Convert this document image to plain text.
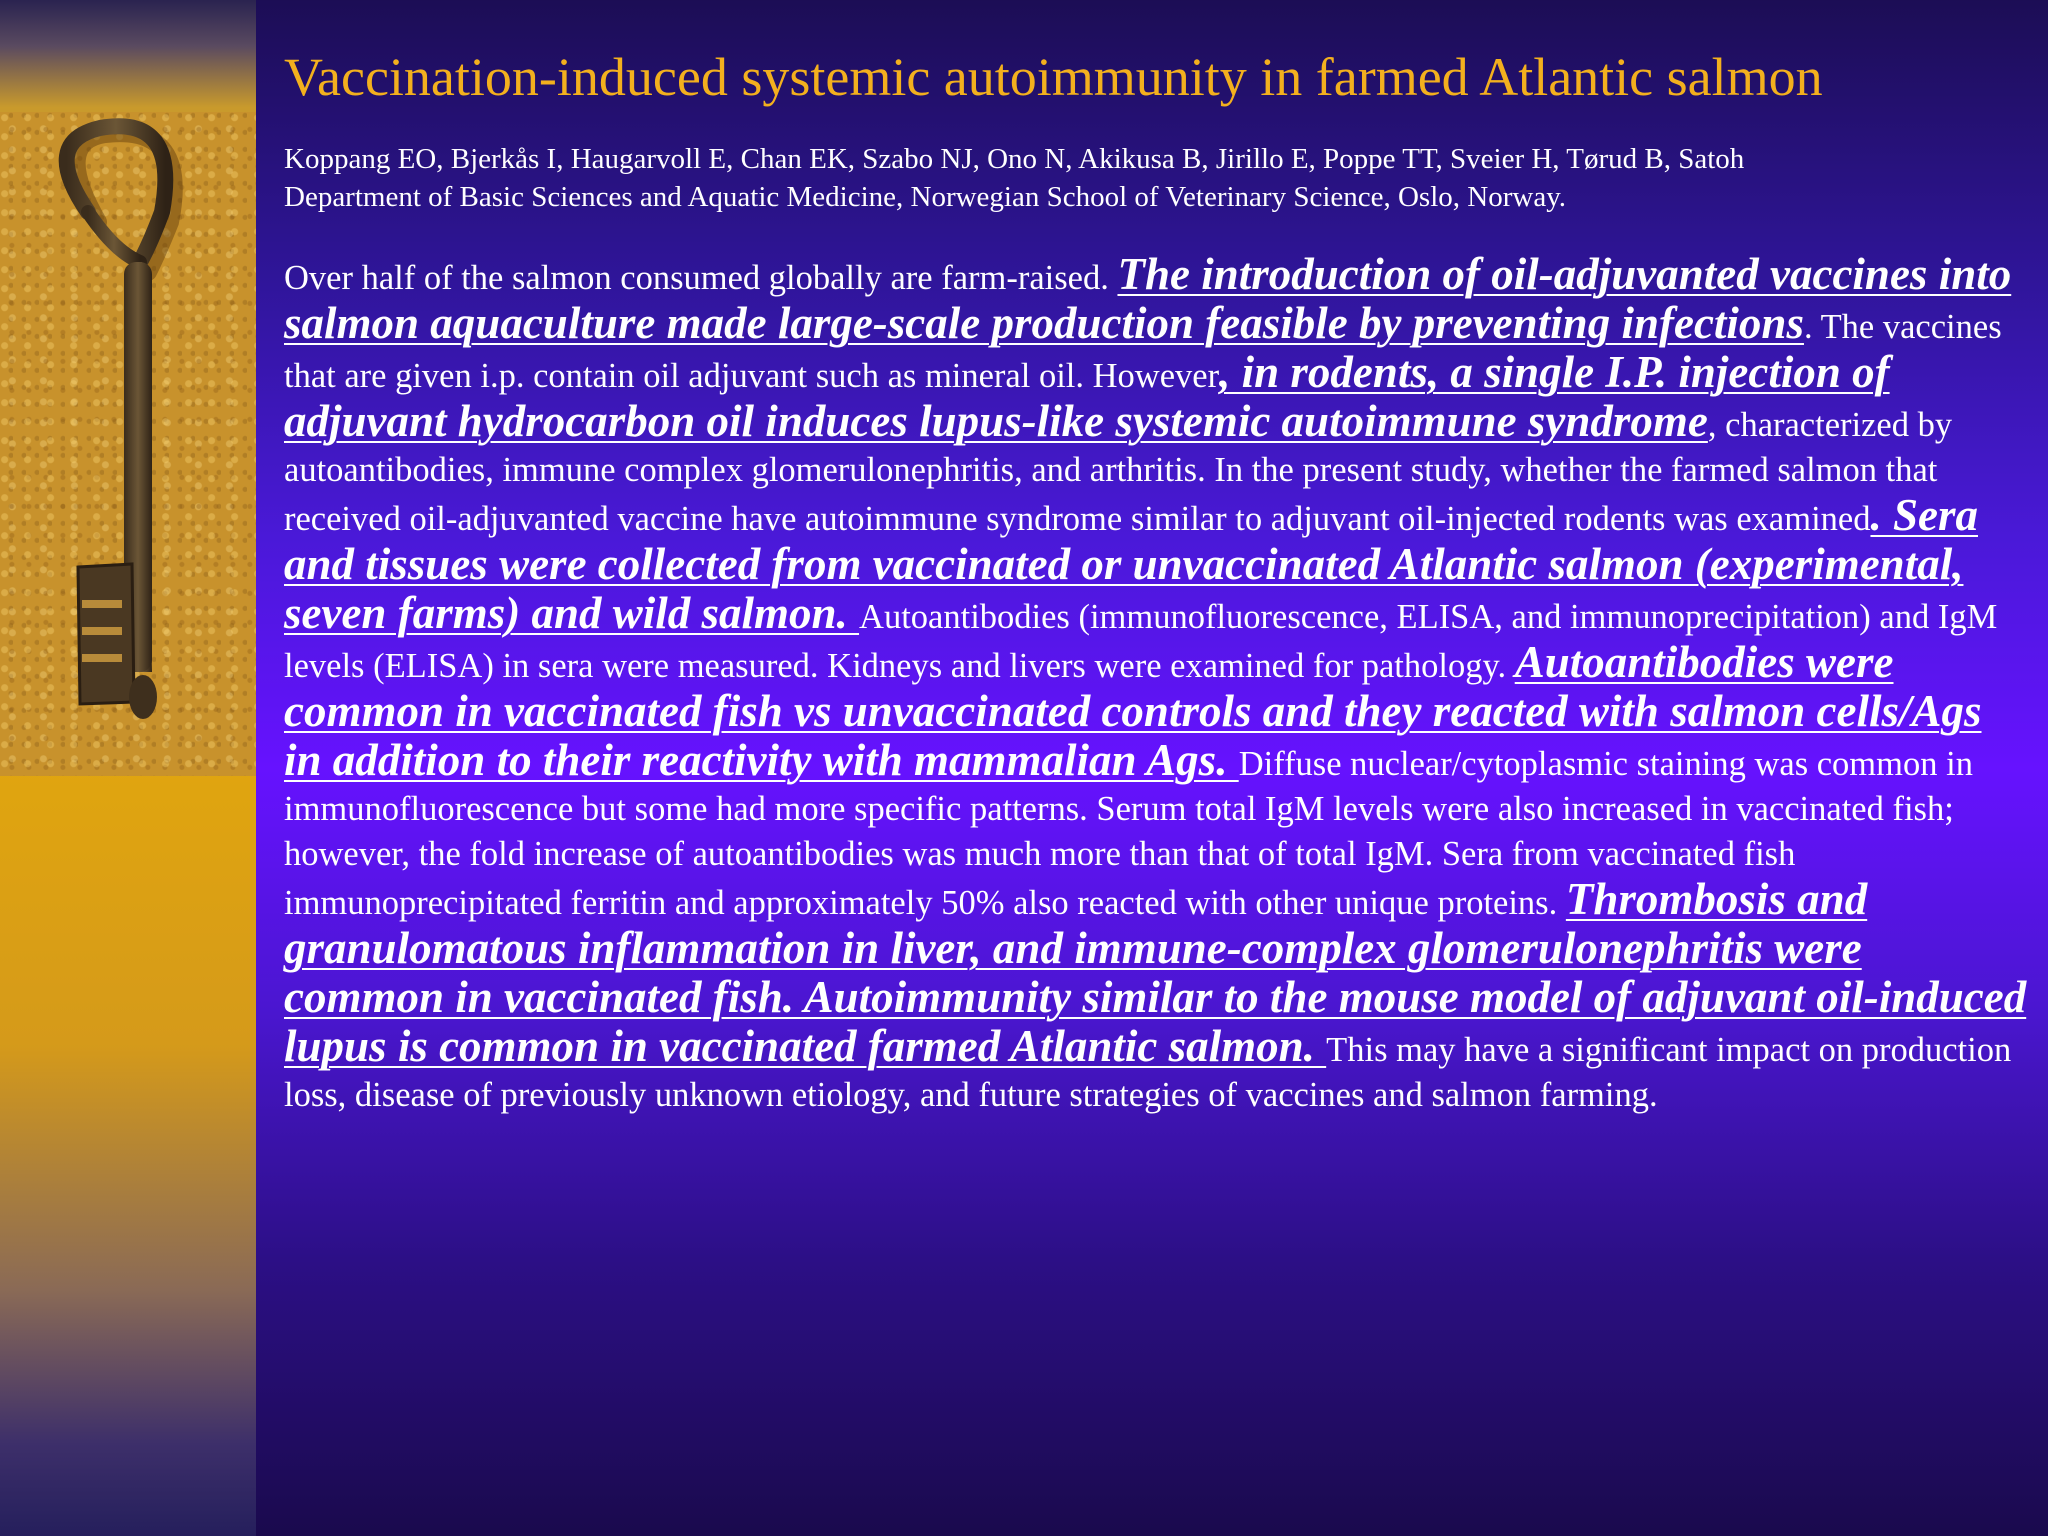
Vaccination-induced systemic autoimmunity in farmed Atlantic salmon
Koppang EO, Bjerkås I, Haugarvoll E, Chan EK, Szabo NJ, Ono N, Akikusa B, Jirillo E, Poppe TT, Sveier H, Tørud B, Satoh
Department of Basic Sciences and Aquatic Medicine, Norwegian School of Veterinary Science, Oslo, Norway.

Over half of the salmon consumed globally are farm-raised. The introduction of oil-adjuvanted vaccines into salmon aquaculture made large-scale production feasible by preventing infections. The vaccines that are given i.p. contain oil adjuvant such as mineral oil. However, in rodents, a single I.P. injection of adjuvant hydrocarbon oil induces lupus-like systemic autoimmune syndrome, characterized by autoantibodies, immune complex glomerulonephritis, and arthritis. In the present study, whether the farmed salmon that received oil-adjuvanted vaccine have autoimmune syndrome similar to adjuvant oil-injected rodents was examined. Sera and tissues were collected from vaccinated or unvaccinated Atlantic salmon (experimental, seven farms) and wild salmon. Autoantibodies (immunofluorescence, ELISA, and immunoprecipitation) and IgM levels (ELISA) in sera were measured. Kidneys and livers were examined for pathology. Autoantibodies were common in vaccinated fish vs unvaccinated controls and they reacted with salmon cells/Ags in addition to their reactivity with mammalian Ags. Diffuse nuclear/cytoplasmic staining was common in immunofluorescence but some had more specific patterns. Serum total IgM levels were also increased in vaccinated fish; however, the fold increase of autoantibodies was much more than that of total IgM. Sera from vaccinated fish immunoprecipitated ferritin and approximately 50% also reacted with other unique proteins. Thrombosis and granulomatous inflammation in liver, and immune-complex glomerulonephritis were common in vaccinated fish. Autoimmunity similar to the mouse model of adjuvant oil-induced lupus is common in vaccinated farmed Atlantic salmon. This may have a significant impact on production loss, disease of previously unknown etiology, and future strategies of vaccines and salmon farming.
